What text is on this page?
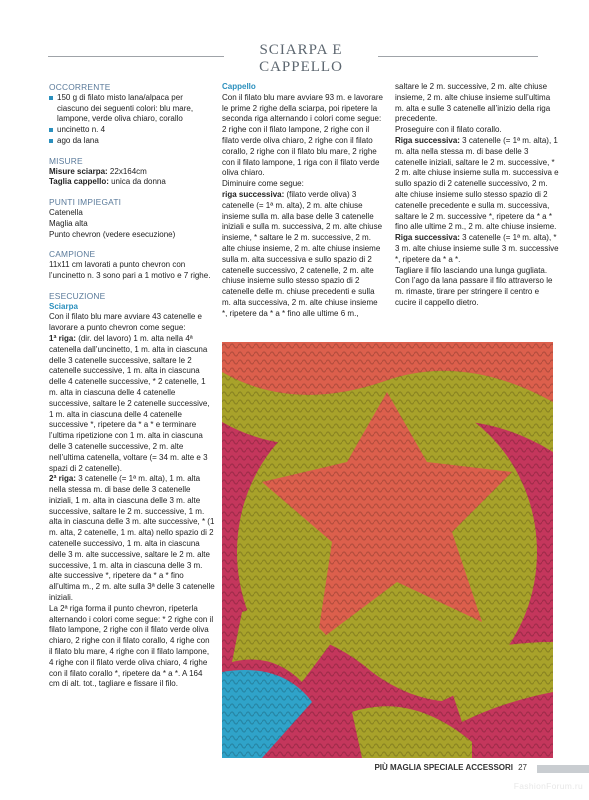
SCIARPA E CAPPELLO

OCCORRENTE

150 g di filato misto lana/alpaca per ciascuno dei seguenti colori: blu mare, lampone, verde oliva chiaro, corallo

uncinetto n. 4

ago da lana

MISURE

Misure sciarpa: 22x164cm

Taglia cappello: unica da donna

PUNTI IMPIEGATI

Catenella

Maglia alta

Punto chevron (vedere esecuzione)

CAMPIONE

11x11 cm lavorati a punto chevron con l’uncinetto n. 3 sono pari a 1 motivo e 7 righe.

ESECUZIONE

Sciarpa

Con il filato blu mare avviare 43 catenelle e lavorare a punto chevron come segue:

1ª riga: (dir. del lavoro) 1 m. alta nella 4ª catenella dall’uncinetto, 1 m. alta in ciascuna delle 3 catenelle successive, saltare le 2 catenelle successive, 1 m. alta in ciascuna delle 4 catenelle successive, * 2 catenelle, 1 m. alta in ciascuna delle 4 catenelle successive, saltare le 2 catenelle successive, 1 m. alta in ciascuna delle 4 catenelle successive *, ripetere da * a * e terminare l’ultima ripetizione con 1 m. alta in ciascuna delle 3 catenelle successive, 2 m. alte nell’ultima catenella, voltare (= 34 m. alte e 3 spazi di 2 catenelle).

2ª riga: 3 catenelle (= 1ª m. alta), 1 m. alta nella stessa m. di base delle 3 catenelle iniziali, 1 m. alta in ciascuna delle 3 m. alte successive, saltare le 2 m. successive, 1 m. alta in ciascuna delle 3 m. alte successive, * (1 m. alta, 2 catenelle, 1 m. alta) nello spazio di 2 catenelle successivo, 1 m. alta in ciascuna delle 3 m. alte successive, saltare le 2 m. alte successive, 1 m. alta in ciascuna delle 3 m. alte successive *, ripetere da * a * fino all’ultima m., 2 m. alte sulla 3ª delle 3 catenelle iniziali.

La 2ª riga forma il punto chevron, ripeterla alternando i colori come segue: * 2 righe con il filato lampone, 2 righe con il filato verde oliva chiaro, 2 righe con il filato corallo, 4 righe con il filato blu mare, 4 righe con il filato lampone, 4 righe con il filato verde oliva chiaro, 4 righe con il filato corallo *, ripetere da * a *. A 164 cm di alt. tot., tagliare e fissare il filo.

Cappello

Con il filato blu mare avviare 93 m. e lavorare le prime 2 righe della sciarpa, poi ripetere la seconda riga alternando i colori come segue: 2 righe con il filato lampone, 2 righe con il filato verde oliva chiaro, 2 righe con il filato corallo, 2 righe con il filato blu mare, 2 righe con il filato lampone, 1 riga con il filato verde oliva chiaro.

Diminuire come segue:

riga successiva: (filato verde oliva) 3 catenelle (= 1ª m. alta), 2 m. alte chiuse insieme sulla m. alla base delle 3 catenelle iniziali e sulla m. successiva, 2 m. alte chiuse insieme, * saltare le 2 m. successive, 2 m. alte chiuse insieme, 2 m. alte chiuse insieme sulla m. alta successiva e sullo spazio di 2 catenelle successivo, 2 catenelle, 2 m. alte chiuse insieme sullo stesso spazio di 2 catenelle delle m. chiuse precedenti e sulla m. alta successiva, 2 m. alte chiuse insieme *, ripetere da * a * fino alle ultime 6 m.,

saltare le 2 m. successive, 2 m. alte chiuse insieme, 2 m. alte chiuse insieme sull’ultima m. alta e sulle 3 catenelle all’inizio della riga precedente.

Proseguire con il filato corallo.

Riga successiva: 3 catenelle (= 1ª m. alta), 1 m. alta nella stessa m. di base delle 3 catenelle iniziali, saltare le 2 m. successive, * 2 m. alte chiuse insieme sulla m. successiva e sullo spazio di 2 catenelle successivo, 2 m. alte chiuse insieme sullo stesso spazio di 2 catenelle precedente e sulla m. successiva, saltare le 2 m. successive *, ripetere da * a * fino alle ultime 2 m., 2 m. alte chiuse insieme.

Riga successiva: 3 catenelle (= 1ª m. alta), * 3 m. alte chiuse insieme sulle 3 m. successive *, ripetere da * a *.

Tagliare il filo lasciando una lunga gugliata.

Con l’ago da lana passare il filo attraverso le m. rimaste, tirare per stringere il centro e cucire il cappello dietro.

PIÙ MAGLIA SPECIALE ACCESSORI 27
FashionForum.ru
